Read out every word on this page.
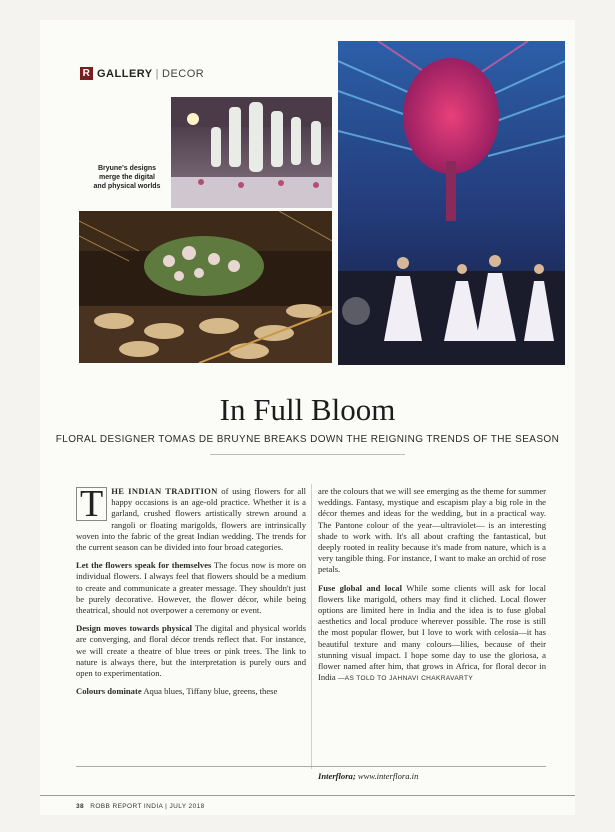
R GALLERY | DECOR
Bryune's designs merge the digital and physical worlds
In Full Bloom
FLORAL DESIGNER TOMAS DE BRUYNE BREAKS DOWN THE REIGNING TRENDS OF THE SEASON

T HE INDIAN TRADITION of using flowers for all happy occasions is an age-old practice. Whether it is a garland, crushed flowers artistically strewn around a rangoli or floating marigolds, flowers are intrinsically woven into the fabric of the great Indian wedding. The trends for the current season can be divided into four broad categories.

Let the flowers speak for themselves The focus now is more on individual flowers. I always feel that flowers should be a medium to create and communicate a greater message. They shouldn't just be purely decorative. However, the flower décor, while being theatrical, should not overpower a ceremony or event.

Design moves towards physical The digital and physical worlds are converging, and floral décor trends reflect that. For instance, we will create a theatre of blue trees or pink trees. The link to nature is always there, but the interpretation is purely ours and open to experimentation.

Colours dominate Aqua blues, Tiffany blue, greens, these

are the colours that we will see emerging as the theme for summer weddings. Fantasy, mystique and escapism play a big role in the décor themes and ideas for the wedding, but in a practical way. The Pantone colour of the year—ultraviolet— is an interesting shade to work with. It's all about crafting the fantastical, but deeply rooted in reality because it's made from nature, which is a very tangible thing. For instance, I want to make an orchid of rose petals.

Fuse global and local While some clients will ask for local flowers like marigold, others may find it cliched. Local flower options are limited here in India and the idea is to fuse global aesthetics and local produce wherever possible. The rose is still the most popular flower, but I love to work with celosia—it has beautiful texture and many colours—lilies, because of their stunning visual impact. I hope some day to use the gloriosa, a flower named after him, that grows in Africa, for floral decor in India —AS TOLD TO JAHNAVI CHAKRAVARTY

Interflora; www.interflora.in
38 ROBB REPORT INDIA | JULY 2018
